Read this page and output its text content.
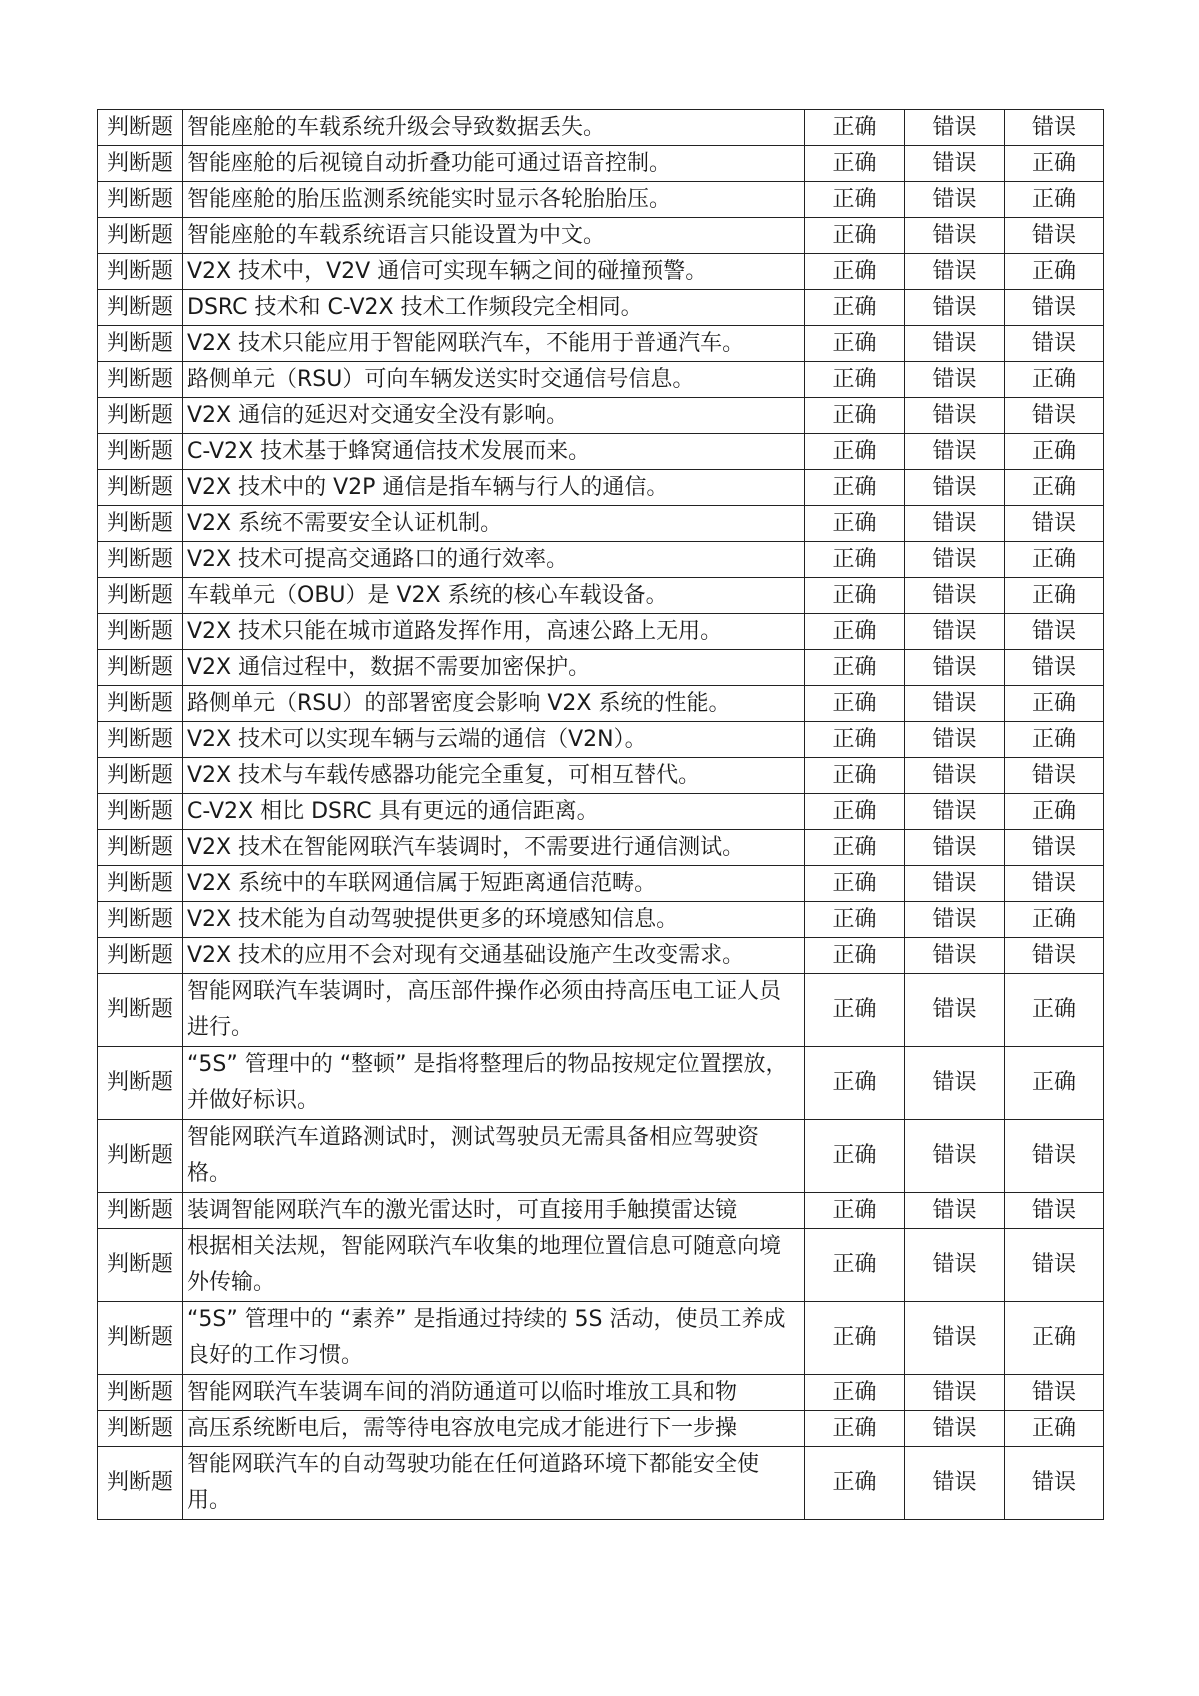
判断题	智能座舱的车载系统升级会导致数据丢失。	正确	错误	错误
判断题	智能座舱的后视镜自动折叠功能可通过语音控制。	正确	错误	正确
判断题	智能座舱的胎压监测系统能实时显示各轮胎胎压。	正确	错误	正确
判断题	智能座舱的车载系统语言只能设置为中文。	正确	错误	错误
判断题	V2X 技术中，V2V 通信可实现车辆之间的碰撞预警。	正确	错误	正确
判断题	DSRC 技术和 C-V2X 技术工作频段完全相同。	正确	错误	错误
判断题	V2X 技术只能应用于智能网联汽车，不能用于普通汽车。	正确	错误	错误
判断题	路侧单元（RSU）可向车辆发送实时交通信号信息。	正确	错误	正确
判断题	V2X 通信的延迟对交通安全没有影响。	正确	错误	错误
判断题	C-V2X 技术基于蜂窝通信技术发展而来。	正确	错误	正确
判断题	V2X 技术中的 V2P 通信是指车辆与行人的通信。	正确	错误	正确
判断题	V2X 系统不需要安全认证机制。	正确	错误	错误
判断题	V2X 技术可提高交通路口的通行效率。	正确	错误	正确
判断题	车载单元（OBU）是 V2X 系统的核心车载设备。	正确	错误	正确
判断题	V2X 技术只能在城市道路发挥作用，高速公路上无用。	正确	错误	错误
判断题	V2X 通信过程中，数据不需要加密保护。	正确	错误	错误
判断题	路侧单元（RSU）的部署密度会影响 V2X 系统的性能。	正确	错误	正确
判断题	V2X 技术可以实现车辆与云端的通信（V2N）。	正确	错误	正确
判断题	V2X 技术与车载传感器功能完全重复，可相互替代。	正确	错误	错误
判断题	C-V2X 相比 DSRC 具有更远的通信距离。	正确	错误	正确
判断题	V2X 技术在智能网联汽车装调时，不需要进行通信测试。	正确	错误	错误
判断题	V2X 系统中的车联网通信属于短距离通信范畴。	正确	错误	错误
判断题	V2X 技术能为自动驾驶提供更多的环境感知信息。	正确	错误	正确
判断题	V2X 技术的应用不会对现有交通基础设施产生改变需求。	正确	错误	错误
判断题	智能网联汽车装调时，高压部件操作必须由持高压电工证人员进行。	正确	错误	正确
判断题	“5S” 管理中的 “整顿” 是指将整理后的物品按规定位置摆放，并做好标识。	正确	错误	正确
判断题	智能网联汽车道路测试时，测试驾驶员无需具备相应驾驶资格。	正确	错误	错误
判断题	装调智能网联汽车的激光雷达时，可直接用手触摸雷达镜	正确	错误	错误
判断题	根据相关法规，智能网联汽车收集的地理位置信息可随意向境外传输。	正确	错误	错误
判断题	“5S” 管理中的 “素养” 是指通过持续的 5S 活动，使员工养成良好的工作习惯。	正确	错误	正确
判断题	智能网联汽车装调车间的消防通道可以临时堆放工具和物	正确	错误	错误
判断题	高压系统断电后，需等待电容放电完成才能进行下一步操	正确	错误	正确
判断题	智能网联汽车的自动驾驶功能在任何道路环境下都能安全使用。	正确	错误	错误
